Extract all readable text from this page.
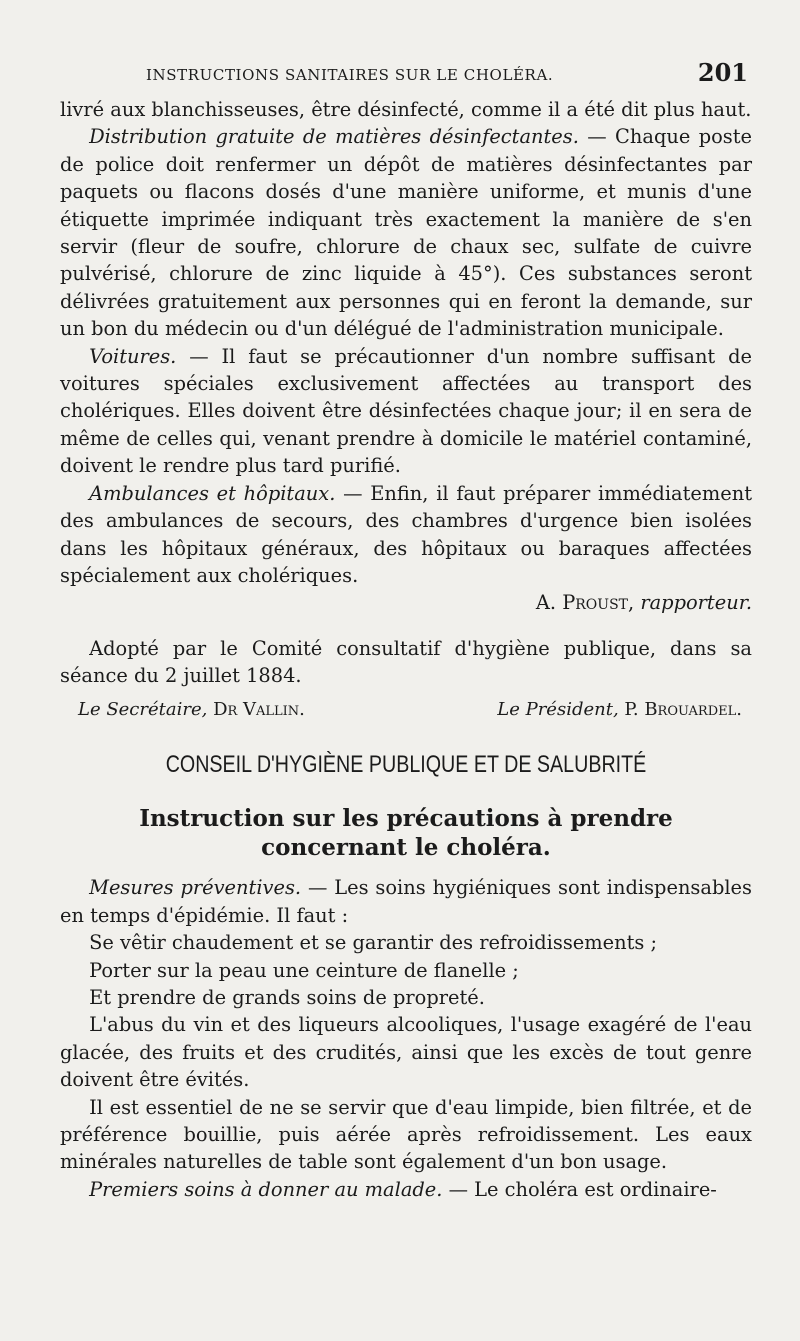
INSTRUCTIONS SANITAIRES SUR LE CHOLÉRA.	201

livré aux blanchisseuses, être désinfecté, comme il a été dit plus haut.

Distribution gratuite de matières désinfectantes. — Chaque poste de police doit renfermer un dépôt de matières désinfectantes par paquets ou flacons dosés d'une manière uniforme, et munis d'une étiquette imprimée indiquant très exactement la manière de s'en servir (fleur de soufre, chlorure de chaux sec, sulfate de cuivre pulvérisé, chlorure de zinc liquide à 45°). Ces substances seront délivrées gratuitement aux personnes qui en feront la demande, sur un bon du médecin ou d'un délégué de l'administration municipale.

Voitures. — Il faut se précautionner d'un nombre suffisant de voitures spéciales exclusivement affectées au transport des cholériques. Elles doivent être désinfectées chaque jour; il en sera de même de celles qui, venant prendre à domicile le matériel contaminé, doivent le rendre plus tard purifié.

Ambulances et hôpitaux. — Enfin, il faut préparer immédiatement des ambulances de secours, des chambres d'urgence bien isolées dans les hôpitaux généraux, des hôpitaux ou baraques affectées spécialement aux cholériques.

A. Proust, rapporteur.

Adopté par le Comité consultatif d'hygiène publique, dans sa séance du 2 juillet 1884.

Le Secrétaire, Dr Vallin.	Le Président, P. Brouardel.
CONSEIL D'HYGIÈNE PUBLIQUE ET DE SALUBRITÉ
Instruction sur les précautions à prendre concernant le choléra.

Mesures préventives. — Les soins hygiéniques sont indispensables en temps d'épidémie. Il faut :

Se vêtir chaudement et se garantir des refroidissements ;

Porter sur la peau une ceinture de flanelle ;

Et prendre de grands soins de propreté.

L'abus du vin et des liqueurs alcooliques, l'usage exagéré de l'eau glacée, des fruits et des crudités, ainsi que les excès de tout genre doivent être évités.

Il est essentiel de ne se servir que d'eau limpide, bien filtrée, et de préférence bouillie, puis aérée après refroidissement. Les eaux minérales naturelles de table sont également d'un bon usage.

Premiers soins à donner au malade. — Le choléra est ordinaire-
